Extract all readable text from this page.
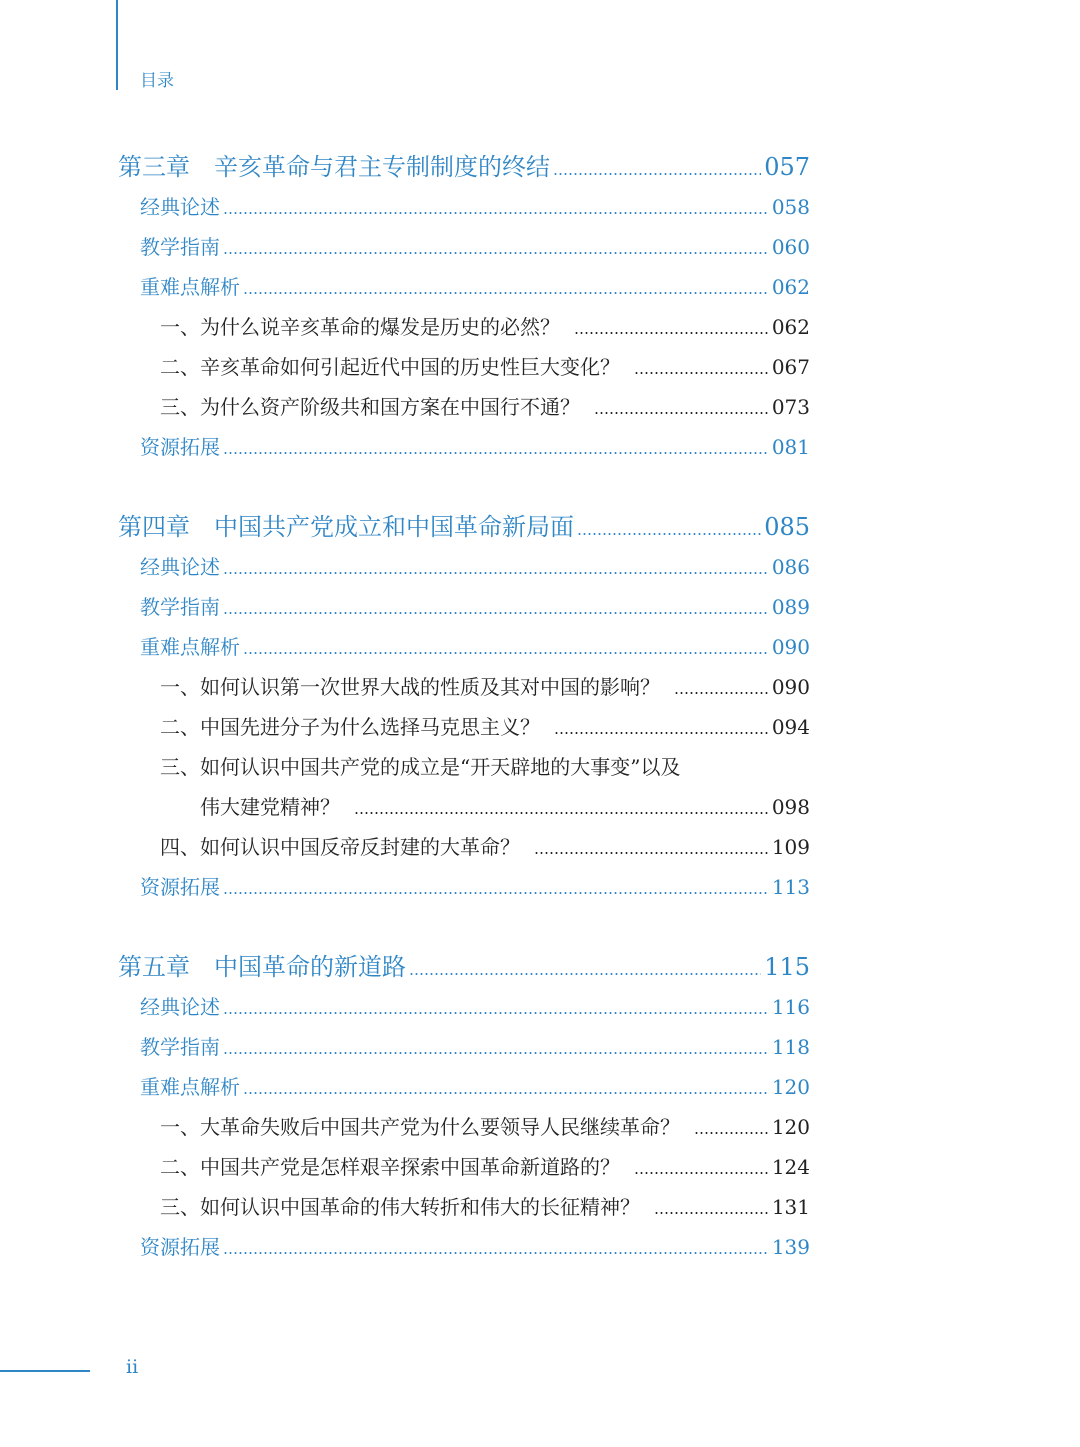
目录
第三章 辛亥革命与君主专制制度的终结	057
经典论述	058
教学指南	060
重难点解析	062
一、为什么说辛亥革命的爆发是历史的必然？	062
二、辛亥革命如何引起近代中国的历史性巨大变化？	067
三、为什么资产阶级共和国方案在中国行不通？	073
资源拓展	081
第四章 中国共产党成立和中国革命新局面	085
经典论述	086
教学指南	089
重难点解析	090
一、如何认识第一次世界大战的性质及其对中国的影响？	090
二、中国先进分子为什么选择马克思主义？	094
三、如何认识中国共产党的成立是“开天辟地的大事变”以及
伟大建党精神？	098
四、如何认识中国反帝反封建的大革命？	109
资源拓展	113
第五章 中国革命的新道路	115
经典论述	116
教学指南	118
重难点解析	120
一、大革命失败后中国共产党为什么要领导人民继续革命？	120
二、中国共产党是怎样艰辛探索中国革命新道路的？	124
三、如何认识中国革命的伟大转折和伟大的长征精神？	131
资源拓展	139
ii
